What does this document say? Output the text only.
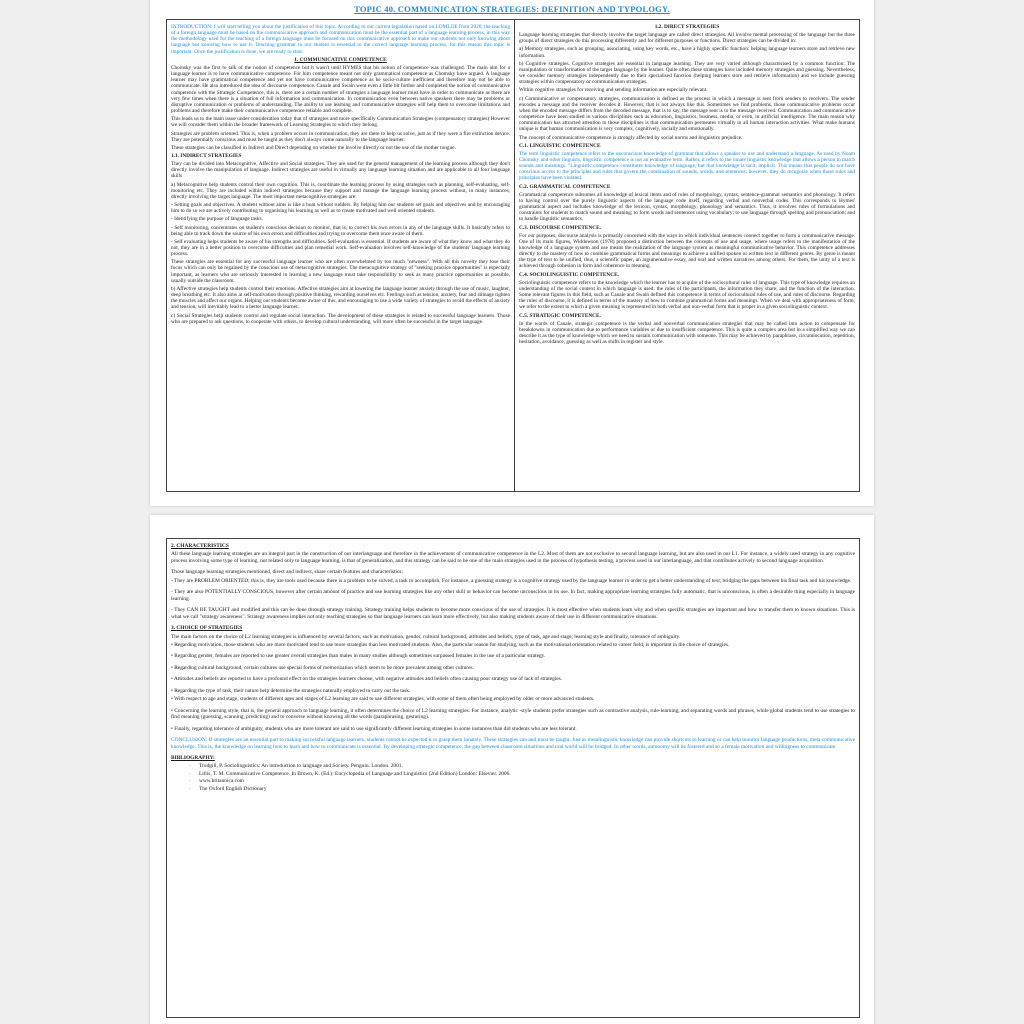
TOPIC 40. COMMUNICATION STRATEGIES: DEFINITION AND TYPOLOGY.

INTRODUCTION: I will start telling you about the justification of this topic. According to our current legislation based on LOMLOE from 2020, the teaching of a foreign language must be based on the communicative approach and communication must be the essential part of a language learning process, in this way the methodology used for the teaching of a foreign language must be focused on this communicative approach to make our students not only knowing about language but knowing how to use it. Teaching grammar to our student is essential to the correct language learning process, for this reason this topic is important. Once the justification is done, we are ready to start.

1. COMMUNICATIVE COMPETENCE

Chomsky was the first to talk of the notion of competence but it wasn't until HYMES that his notion of competence was challenged. The main aim for a language learner is to have communicative competence. For him competence meant not only grammatical competence as Chomsky have argued. A language learner may have grammatical competence and yet not have communicative competence as he socio-culture inefficient and therefore may not be able to communicate. He also introduced the idea of discourse competence. Canale and Swain went even a little bit further and completed the notion of communicative competence with the Strategic Competence, this is, there are a certain number of strategies a language learner must have in order to communicate as there are very few times when there is a situation of full information and communication. In communication even between native speakers there may be problems or disruptive communication or problems of understanding. The ability to use learning and communicative strategies will help them to overcome limitations and problems and therefore make their communicative competence reliable and complete.

This leads us to the main issue under consideration today that of strategies and more specifically Communication Strategies (compensatory strategies) However we will consider them within the broader framework of Learning Strategies to which they belong.

Strategies are problem oriented. This is, when a problem occurs in communication, they are there to help us solve, just as if they were a fire extinction device. They are potentially conscious and must be taught as they don't always come naturally to the language learner.

These strategies can be classified in Indirect and Direct depending on whether the involve directly or not the use of the mother tongue.

1.1. INDIRECT STRATEGIES

They can be divided into Metacognitive, Affective and Social strategies. They are used for the general management of the learning process although they don't directly involve the manipulation of language. Indirect strategies are useful in virtually any language learning situation and are applicable to all four language skills

a) Metacognitive help students control their own cognition. This is, coordinate the learning process by using strategies such as planning, self-evaluating, self-monitoring etc. They are included within indirect strategies because they support and manage the language learning process without, in many instances, directly involving the target language. The most important metacognitive strategies are:

- Setting goals and objectives. A student without aims is like a boat without rudders. By helping him our students set goals and objectives and by encouraging him to do so we are actively contributing to organising his learning as well as to create motivated and well oriented students.

- Identifying the purpose of language tasks.

- Self monitoring, concentrates on student's conscious decision to monitor, that is, to correct his own errors in any of the language skills. It basically refers to being able to track down the source of his own errors and difficulties and trying to overcome them once aware of them.

- Self evaluating helps students be aware of his strengths and difficulties. Self-evaluation is essential. If students are aware of what they know and what they do not, they are in a better position to overcome difficulties and plan remedial work. Self-evaluation involves self-knowledge of the students' language learning process.

These strategies are essential for any successful language learner who are often overwhelmed by too much "newness". With all this novelty they lose their focus which can only be regained by the conscious use of metacognitive strategies. The metacognitive strategy of "seeking practice opportunities" is especially important, as learners who are seriously interested in learning a new language must take responsibility to seek as many practice opportunities as possible, usually outside the classroom.

b) Affective strategies help students control their emotions. Affective strategies aim at lowering the language learner anxiety through the use of music, laughter, deep breathing etc. It also aims at self-motivation through positive thinking, rewarding ourselves etc. Feelings such as tension, anxiety, fear and stimage tighten the muscles and affect our organs. Helping our students become aware of this, and encouraging to use a wide variety of strategies to avoid the effects of anxiety and tension, will inevitably lead to a better language learner.

c) Social Strategies help students control and regulate social interaction. The development of these strategies is related to successful language learners. Those who are prepared to ask questions, to cooperate with others, to develop cultural understanding, will more often be successful in the target language.

1.2. DIRECT STRATEGIES

Language learning strategies that directly involve the target language are called direct strategies. All involve mental processing of the language but the three groups of direct strategies do this processing differently and for different purposes or functions. Direct strategies can be divided in:

a) Memory strategies, such as grouping, associating, using key words, etc., have a highly specific function: helping language learners store and retrieve new information.

b) Cognitive strategies. Cognitive strategies are essential in language learning. They are very varied although characterised by a common function: The manipulation or transformation of the target language by the learner. Quite often these strategies have included memory strategies and guessing. Nevertheless, we consider memory strategies independently due to their specialised function (helping learners store and retrieve information) and we include guessing strategies within compensatory or communication strategies.

Within cognitive strategies for receiving and sending information are especially relevant.

c) Communicative or compensatory strategies, communication is defined as the process in which a message is sent from senders to receivers. The sender encodes a message and the receiver decodes it. However, that is not always like this. Sometimes we find problems, those communicative problems occur when the encoded message differs from the decoded message, that is to say, the message sent is to the message received. Communication and communicative competence have been studied in various disciplines such as education, linguistics, business, media, or even, in artificial intelligence. The main reason why communication has attracted attention to those disciplines is that communication permeates virtually in all human interaction activities. What make humans unique is that human communication is very complex, cognitively, socially and emotionally.

The concept of communicative competence is strongly affected by social norms and linguistics prejudice.

C.1. LINGUISTIC COMPETENCE

The term linguistic competence refers to the unconscious knowledge of grammar that allows a speaker to use and understand a language. As used by Noam Chomsky and other linguists, linguistic competence is not an evaluative term. Rather, it refers to the innate linguistic knowledge that allows a person to match sounds and meanings. "Linguistic competence constitutes knowledge of language, but that knowledge is tacit, implicit. This means that people do not have conscious access to the principles and rules that govern the combination of sounds, words, and sentences; however, they do recognize when those rules and principles have been violated.

C.2. GRAMMATICAL COMPETENCE

Grammatical competence subsumes all knowledge of lexical items and of rules of morphology, syntax, sentence-grammar semantics and phonology. It refers to having control over the purely linguistic aspects of the language code itself, regarding verbal and nonverbal codes. This corresponds to Hymes' grammatical aspect and includes knowledge of the lexicon, syntax, morphology, phonology and semantics. Thus, it involves rules of formulations and constraints for students to match sound and meaning; to form words and sentences using vocabulary; to use language through spelling and pronunciation; and to handle linguistic semantics.

C.3. DISCOURSE COMPETENCE.

For our purposes, discourse analysis is primarily concerned with the ways in which individual sentences connect together to form a communicative message. One of its main figures, Widdowson (1978) proposed a distinction between the concepts of use and usage, where usage refers to the manifestation of the knowledge of a language system and use means the realization of the language system as meaningful communicative behavior. This competence addresses directly to the mastery of how to combine grammatical forms and meanings to achieve a unified spoken or written text in different genres. By genre is meant the type of text to be unified, thus, a scientific paper, an argumentative essay, and oral and written narratives among others. For them, the unity of a text is achieved through cohesion in form and coherence in meaning.

C.4. SOCIOLINGUISTIC COMPETENCE.

Sociolinguistic competence refers to the knowledge which the learner has to acquire of the sociocultural rules of language. This type of knowledge requires an understanding of the social context in which language is used: the roles of the participants, the information they share, and the function of the interaction. Some relevant figures in this field, such as Canale and Swain defined this competence in terms of sociocultural rules of use, and rules of discourse. Regarding the rules of discourse, it is defined in terms of the mastery of how to combine grammatical forms and meanings. When we deal with appropriateness of form, we refer to the extent to which a given meaning is represented in both verbal and non-verbal form that is proper in a given sociolinguistic context.

C.5. STRATEGIC COMPETENCE.

In the words of Canale, strategic competence is the verbal and nonverbal communication strategies that may be called into action to compensate for breakdowns in communication due to performance variables or due to insufficient competence. This is quite a complex area but in a simplified way we can describe it as the type of knowledge which we need to sustain communication with someone. This may be achieved by paraphrase, circumlocution, repetition, hesitation, avoidance, guessing as well as shifts in register and style.

2. CHARACTERISTICS

All these language learning strategies are an integral part in the construction of our interlanguage and therefore in the achievement of communicative competence in the L2. Most of them are not exclusive to second language learning, but are also used in our L1. For instance, a widely used strategy in any cognitive process involving some type of learning, not related only to language learning, is that of generalization, and this strategy can be said to be one of the main strategies used in the process of hypothesis testing, a process used in our interlanguage, and that contributes actively to second language acquisition.

Those language learning strategies mentioned, direct and indirect, share certain features and characteristics:

- They are PROBLEM ORIENTED; this is, they are tools used because there is a problem to be solved, a task to accomplish. For instance, a guessing strategy is a cognitive strategy used by the language learner in order to get a better understanding of text, bridging the gaps between his final task and his knowledge.

- They are also POTENTIALLY CONSCIOUS, however after certain amount of practice and use learning strategies like any other skill or behavior can become unconscious in its use. In fact, making appropriate learning strategies fully automatic, that is unconscious, is often a desirable thing especially in language learning.

- They CAN BE TAUGHT and modified and this can be done through strategy training. Strategy training helps students to become more conscious of the use of strategies. It is most effective when students learn why and when specific strategies are important and how to transfer them to known situations. This is what we call "strategy awareness". Strategy awareness implies not only teaching strategies so that language learners can learn more effectively, but also making students aware of their use in different communicative situations.

3. CHOICE OF STRATEGIES

The main factors on the choice of L2 learning strategies is influenced by several factors, such as motivation, gender, cultural background, attitudes and beliefs, type of task, age and stage, learning style and finally, tolerance of ambiguity.

• Regarding motivation, those students who are more motivated tend to use more strategies than less motivated students. Also, the particular reason for studying, such as the motivational orientation related to career field, is important in the choice of strategies.

• Regarding gender, females are reported to use greater overall strategies than males in many studies although sometimes surpassed females in the use of a particular strategy.

• Regarding cultural background, certain cultures use special forms of memorization which seem to be more prevalent among other cultures.

• Attitudes and beliefs are reported to have a profound effect on the strategies learners choose, with negative attitudes and beliefs often causing poor strategy use of lack of strategies.

• Regarding the type of task, their nature help determine the strategies naturally employed to carry out the task.

• With respect to age and stage, students of different ages and stages of L2 learning are said to use different strategies, with some of them often being employed by older or more advanced students.

• Concerning the learning style, that is, the general approach to language learning, it often determines the choice of L2 learning strategies. For instance, analytic -style students prefer strategies such as contrastive analysis, rule-learning, and separating words and phrases, while global students tend to use strategies to find meaning (guessing, scanning, predicting) and to converse without knowing all the words (paraphrasing, gesturing).

• Finally, regarding tolerance of ambiguity, students who are more tolerant are said to use significantly different learning strategies in some instances than did students who are less tolerant.

CONCLUSION: If strategies are an essential part to making successful language learners, students cannot be expected it to grasp them innately. These strategies can and must be taught. Just as metalinguistic knowledge can provide shortcuts to learning or can help monitor language productions, meta communicative knowledge. This is, the knowledge on learning how to learn and how to communicate is essential. By developing strategic competence, the gap between classroom situations and oral world will be bridged. In other words, autonomy will be fostered and so a female motivation and willingness to communicate.

BIBLIOGRAPHY:

· Trudgill, P. Sociolinguistics: An introduction to language and Society. Penguin. London. 2001.

· Lillis, T. M. Communicative Competence. In Brown, K. (Ed.): Encyclopedia of Language and Linguistics (2nd Edition) London: Elsevier. 2006.

· www.britannica.com

· The Oxford English Dictionary
